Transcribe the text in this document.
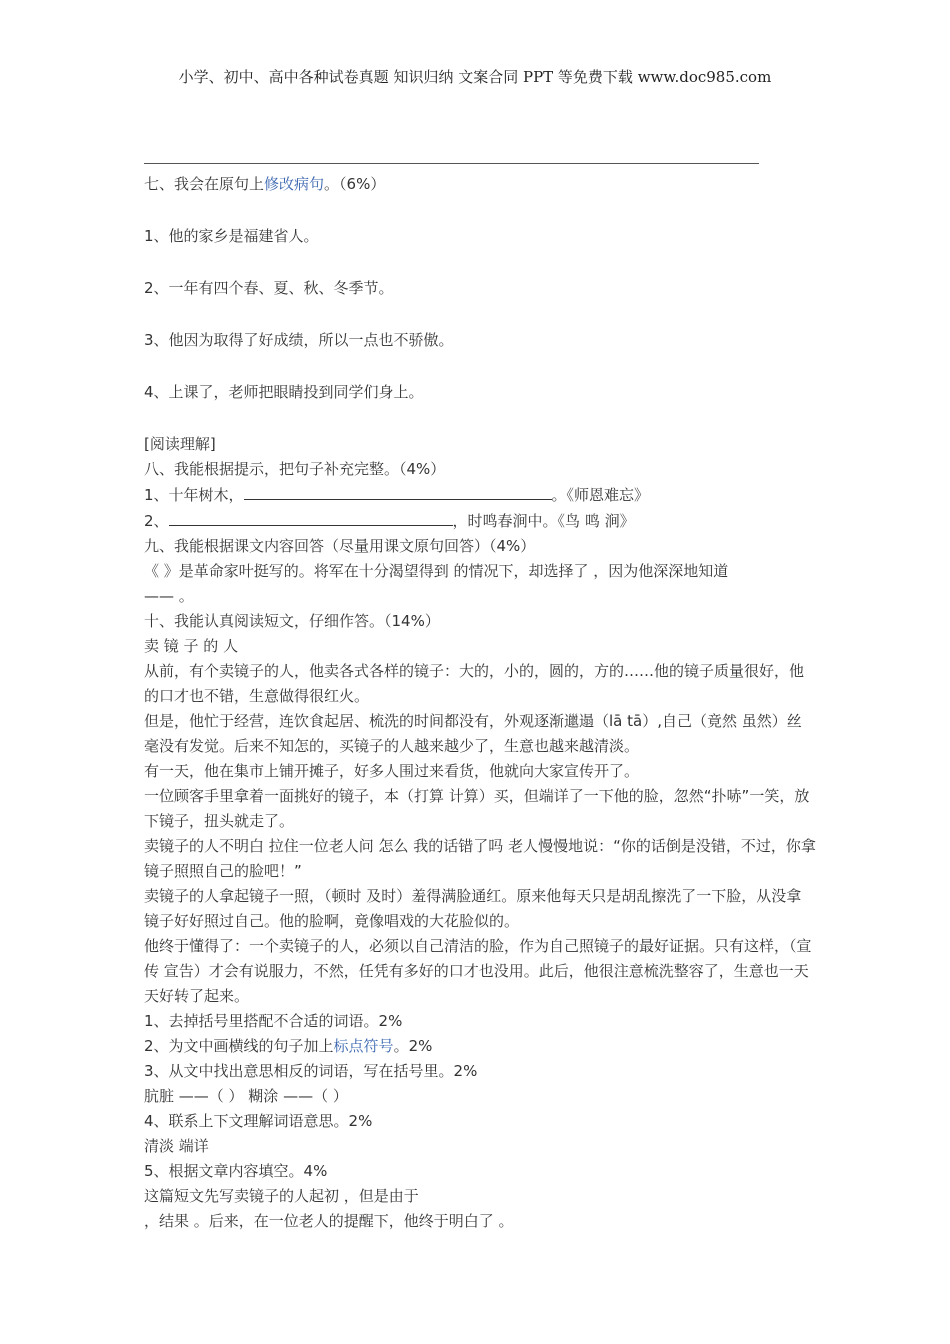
小学、初中、高中各种试卷真题 知识归纳 文案合同 PPT 等免费下载 www.doc985.com

七、我会在原句上修改病句。（6%）

1、他的家乡是福建省人。

2、一年有四个春、夏、秋、冬季节。

3、他因为取得了好成绩，所以一点也不骄傲。

4、上课了，老师把眼睛投到同学们身上。

[阅读理解]

八、我能根据提示，把句子补充完整。（4%）

1、十年树木，	。《师恩难忘》

2、	，时鸣春涧中。《鸟 鸣 涧》

九、我能根据课文内容回答（尽量用课文原句回答）（4%）

《 》是革命家叶挺写的。将军在十分渴望得到 的情况下，却选择了 ，因为他深深地知道

—— 。

十、我能认真阅读短文，仔细作答。（14%）

卖 镜 子 的 人

从前，有个卖镜子的人，他卖各式各样的镜子：大的，小的，圆的，方的……他的镜子质量很好，他的口才也不错，生意做得很红火。

但是，他忙于经营，连饮食起居、梳洗的时间都没有，外观逐渐邋遢（lā tā）,自己（竟然 虽然）丝毫没有发觉。后来不知怎的，买镜子的人越来越少了，生意也越来越清淡。

有一天，他在集市上铺开摊子，好多人围过来看货，他就向大家宣传开了。

一位顾客手里拿着一面挑好的镜子，本（打算 计算）买，但端详了一下他的脸，忽然“扑哧”一笑，放下镜子，扭头就走了。

卖镜子的人不明白 拉住一位老人问 怎么 我的话错了吗 老人慢慢地说：“你的话倒是没错，不过，你拿镜子照照自己的脸吧！”

卖镜子的人拿起镜子一照，（顿时 及时）羞得满脸通红。原来他每天只是胡乱擦洗了一下脸，从没拿镜子好好照过自己。他的脸啊，竟像唱戏的大花脸似的。

他终于懂得了：一个卖镜子的人，必须以自己清洁的脸，作为自己照镜子的最好证据。只有这样，（宣传 宣告）才会有说服力，不然，任凭有多好的口才也没用。此后，他很注意梳洗整容了，生意也一天天好转了起来。

1、去掉括号里搭配不合适的词语。2%

2、为文中画横线的句子加上标点符号。2%

3、从文中找出意思相反的词语，写在括号里。2%

肮脏 ——（ ） 糊涂 ——（ ）

4、联系上下文理解词语意思。2%

清淡 端详

5、根据文章内容填空。4%

这篇短文先写卖镜子的人起初 ，但是由于

，结果 。后来，在一位老人的提醒下，他终于明白了 。
